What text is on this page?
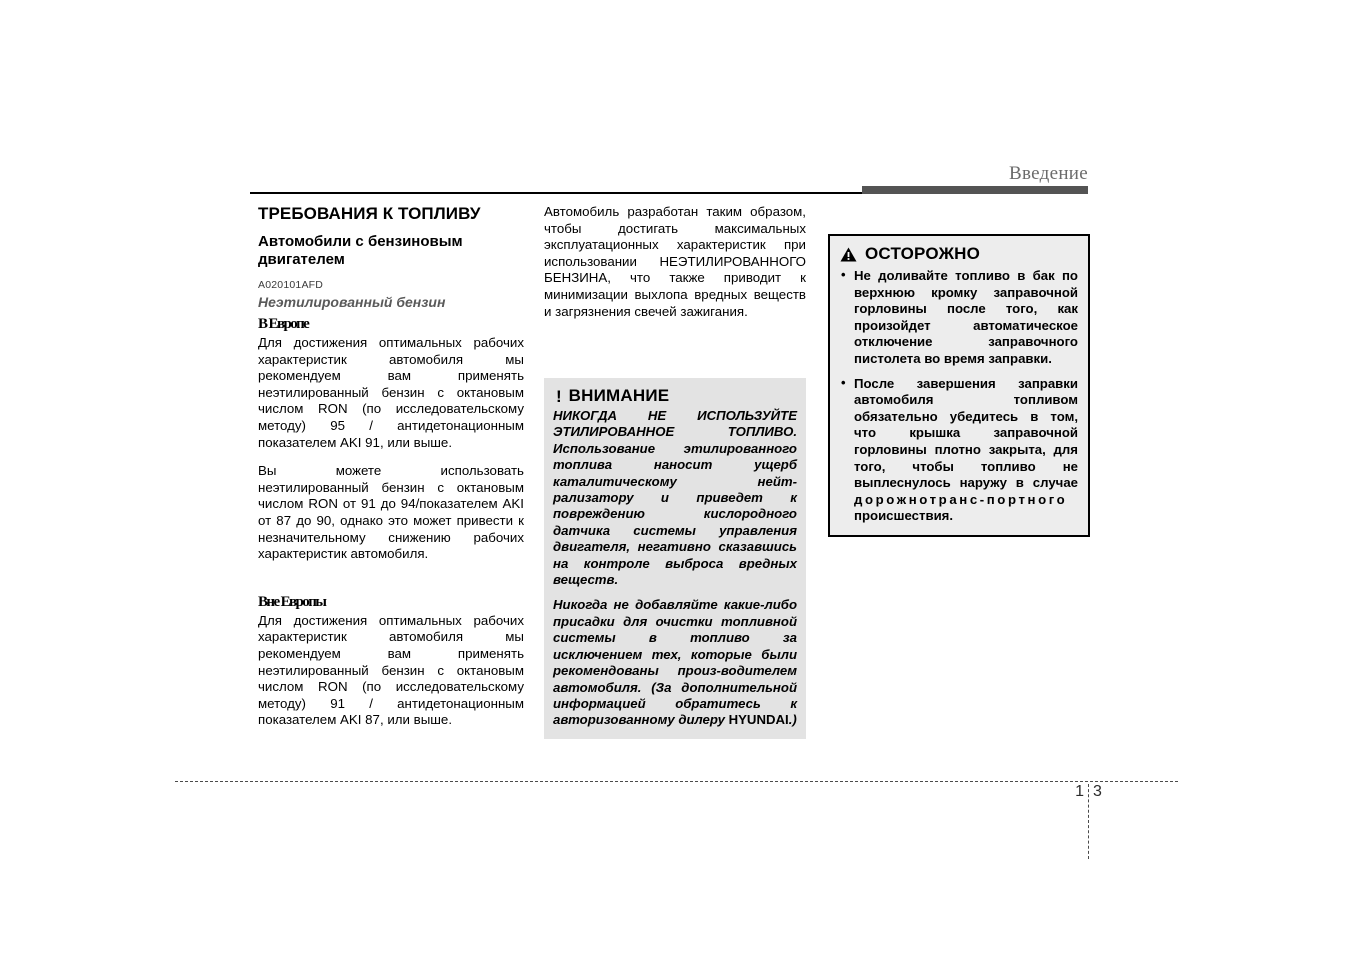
Введение
ТРЕБОВАНИЯ К ТОПЛИВУ
Автомобили с бензиновым двигателем
A020101AFD
Неэтилированный бензин
В Европе

Для достижения оптимальных рабочих характеристик автомобиля мы рекомендуем вам применять неэтилированный бензин с октановым числом RON (по исследовательскому методу) 95 / антидетонационным показателем AKI 91, или выше.

Вы можете использовать неэтилированный бензин с октановым числом RON от 91 до 94/показателем AKI от 87 до 90, однако это может привести к незначительному снижению рабочих характеристик автомобиля.

Вне Европы

Для достижения оптимальных рабочих характеристик автомобиля мы рекомендуем вам применять неэтилированный бензин с октановым числом RON (по исследовательскому методу) 91 / антидетонационным показателем AKI 87, или выше.

Автомобиль разработан таким образом, чтобы достигать максимальных эксплуатационных характеристик при использовании НЕЭТИЛИРОВАННОГО БЕНЗИНА, что также приводит к минимизации выхлопа вредных веществ и загрязнения свечей зажигания.

! ВНИМАНИЕ

НИКОГДА НЕ ИСПОЛЬЗУЙТЕ ЭТИЛИРОВАННОЕ ТОПЛИВО. Использование этилированного топлива наносит ущерб каталитическому нейт-рализатору и приведет к повреждению кислородного датчика системы управления двигателя, негативно сказавшись на контроле выброса вредных веществ.

Никогда не добавляйте какие-либо присадки для очистки топливной системы в топливо за исключением тех, которые были рекомендованы произ-водителем автомобиля. (За дополнительной информацией обратитесь к авторизованному дилеру HYUNDAI.)

ОСТОРОЖНО
• Не доливайте топливо в бак по верхнюю кромку заправочной горловины после того, как произойдет автоматическое отключение заправочного пистолета во время заправки.
• После завершения заправки автомобиля топливом обязательно убедитесь в том, что крышка заправочной горловины плотно закрыта, для того, чтобы топливо не выплеснулось наружу в случае дорожнотранс-портного происшествия.
1 3
